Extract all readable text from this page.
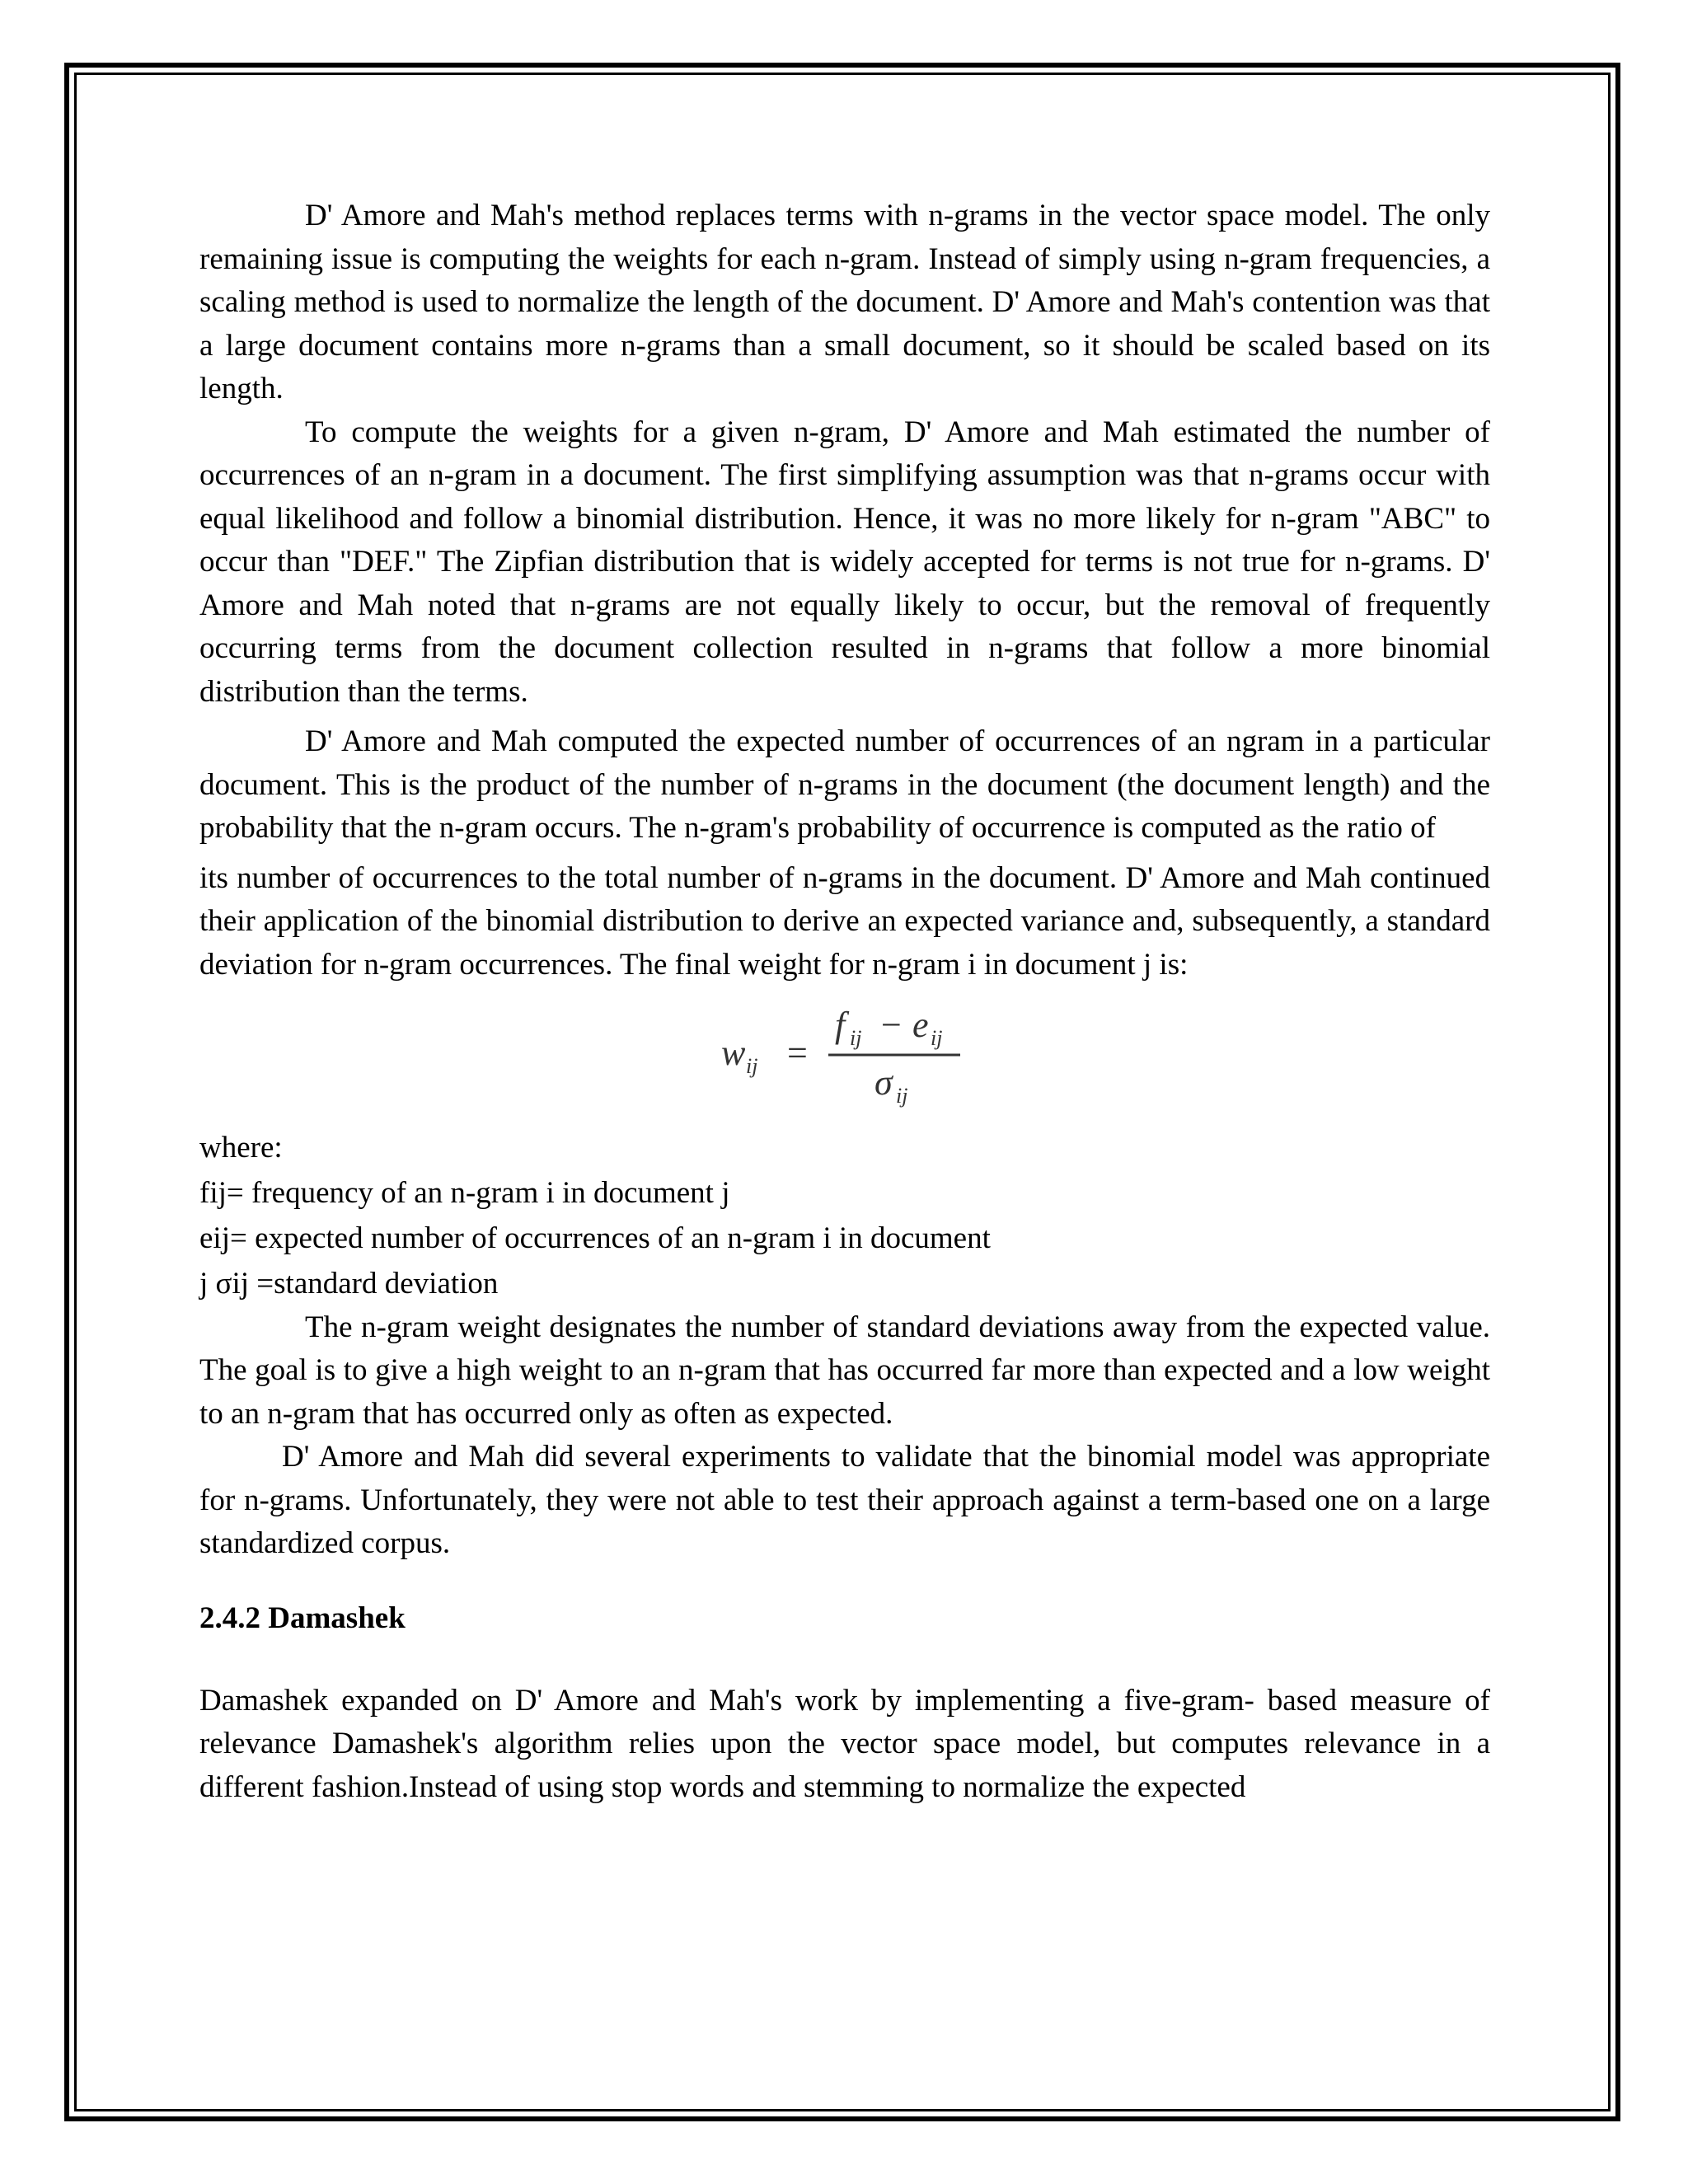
D' Amore and Mah's method replaces terms with n-grams in the vector space model. The only remaining issue is computing the weights for each n-gram. Instead of simply using n-gram frequencies, a scaling method is used to normalize the length of the document. D' Amore and Mah's contention was that a large document contains more n-grams than a small document, so it should be scaled based on its length.

To compute the weights for a given n-gram, D' Amore and Mah estimated the number of occurrences of an n-gram in a document. The first simplifying assumption was that n-grams occur with equal likelihood and follow a binomial distribution. Hence, it was no more likely for n-gram "ABC" to occur than "DEF." The Zipfian distribution that is widely accepted for terms is not true for n-grams. D' Amore and Mah noted that n-grams are not equally likely to occur, but the removal of frequently occurring terms from the document collection resulted in n-grams that follow a more binomial distribution than the terms.

D' Amore and Mah computed the expected number of occurrences of an ngram in a particular document. This is the product of the number of n-grams in the document (the document length) and the probability that the n-gram occurs. The n-gram's probability of occurrence is computed as the ratio of

its number of occurrences to the total number of n-grams in the document. D' Amore and Mah continued their application of the binomial distribution to derive an expected variance and, subsequently, a standard deviation for n-gram occurrences. The final weight for n-gram i in document j is:

w ij =
f ij − e ij
σ ij

where:

fij= frequency of an n-gram i in document j

eij= expected number of occurrences of an n-gram i in document

j σij =standard deviation

The n-gram weight designates the number of standard deviations away from the expected value. The goal is to give a high weight to an n-gram that has occurred far more than expected and a low weight to an n-gram that has occurred only as often as expected.

D' Amore and Mah did several experiments to validate that the binomial model was appropriate for n-grams. Unfortunately, they were not able to test their approach against a term-based one on a large standardized corpus.

2.4.2 Damashek

Damashek expanded on D' Amore and Mah's work by implementing a five-gram- based measure of relevance Damashek's algorithm relies upon the vector space model, but computes relevance in a different fashion.Instead of using stop words and stemming to normalize the expected
